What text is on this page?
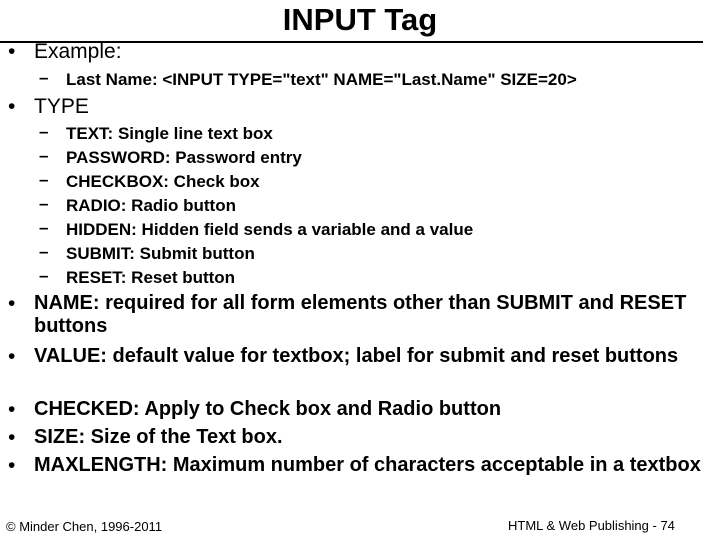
INPUT Tag
• Example:
– Last Name: <INPUT TYPE="text" NAME="Last.Name" SIZE=20>
• TYPE
– TEXT: Single line text box
– PASSWORD: Password entry
– CHECKBOX: Check box
– RADIO: Radio button
– HIDDEN: Hidden field sends a variable and a value
– SUBMIT: Submit button
– RESET: Reset button
• NAME: required for all form elements other than SUBMIT and RESET buttons
• VALUE: default value for textbox; label for submit and reset buttons
• CHECKED: Apply to Check box and Radio button
• SIZE: Size of the Text box.
• MAXLENGTH: Maximum number of characters acceptable in a textbox
© Minder Chen, 1996-2011	HTML & Web Publishing - 74
